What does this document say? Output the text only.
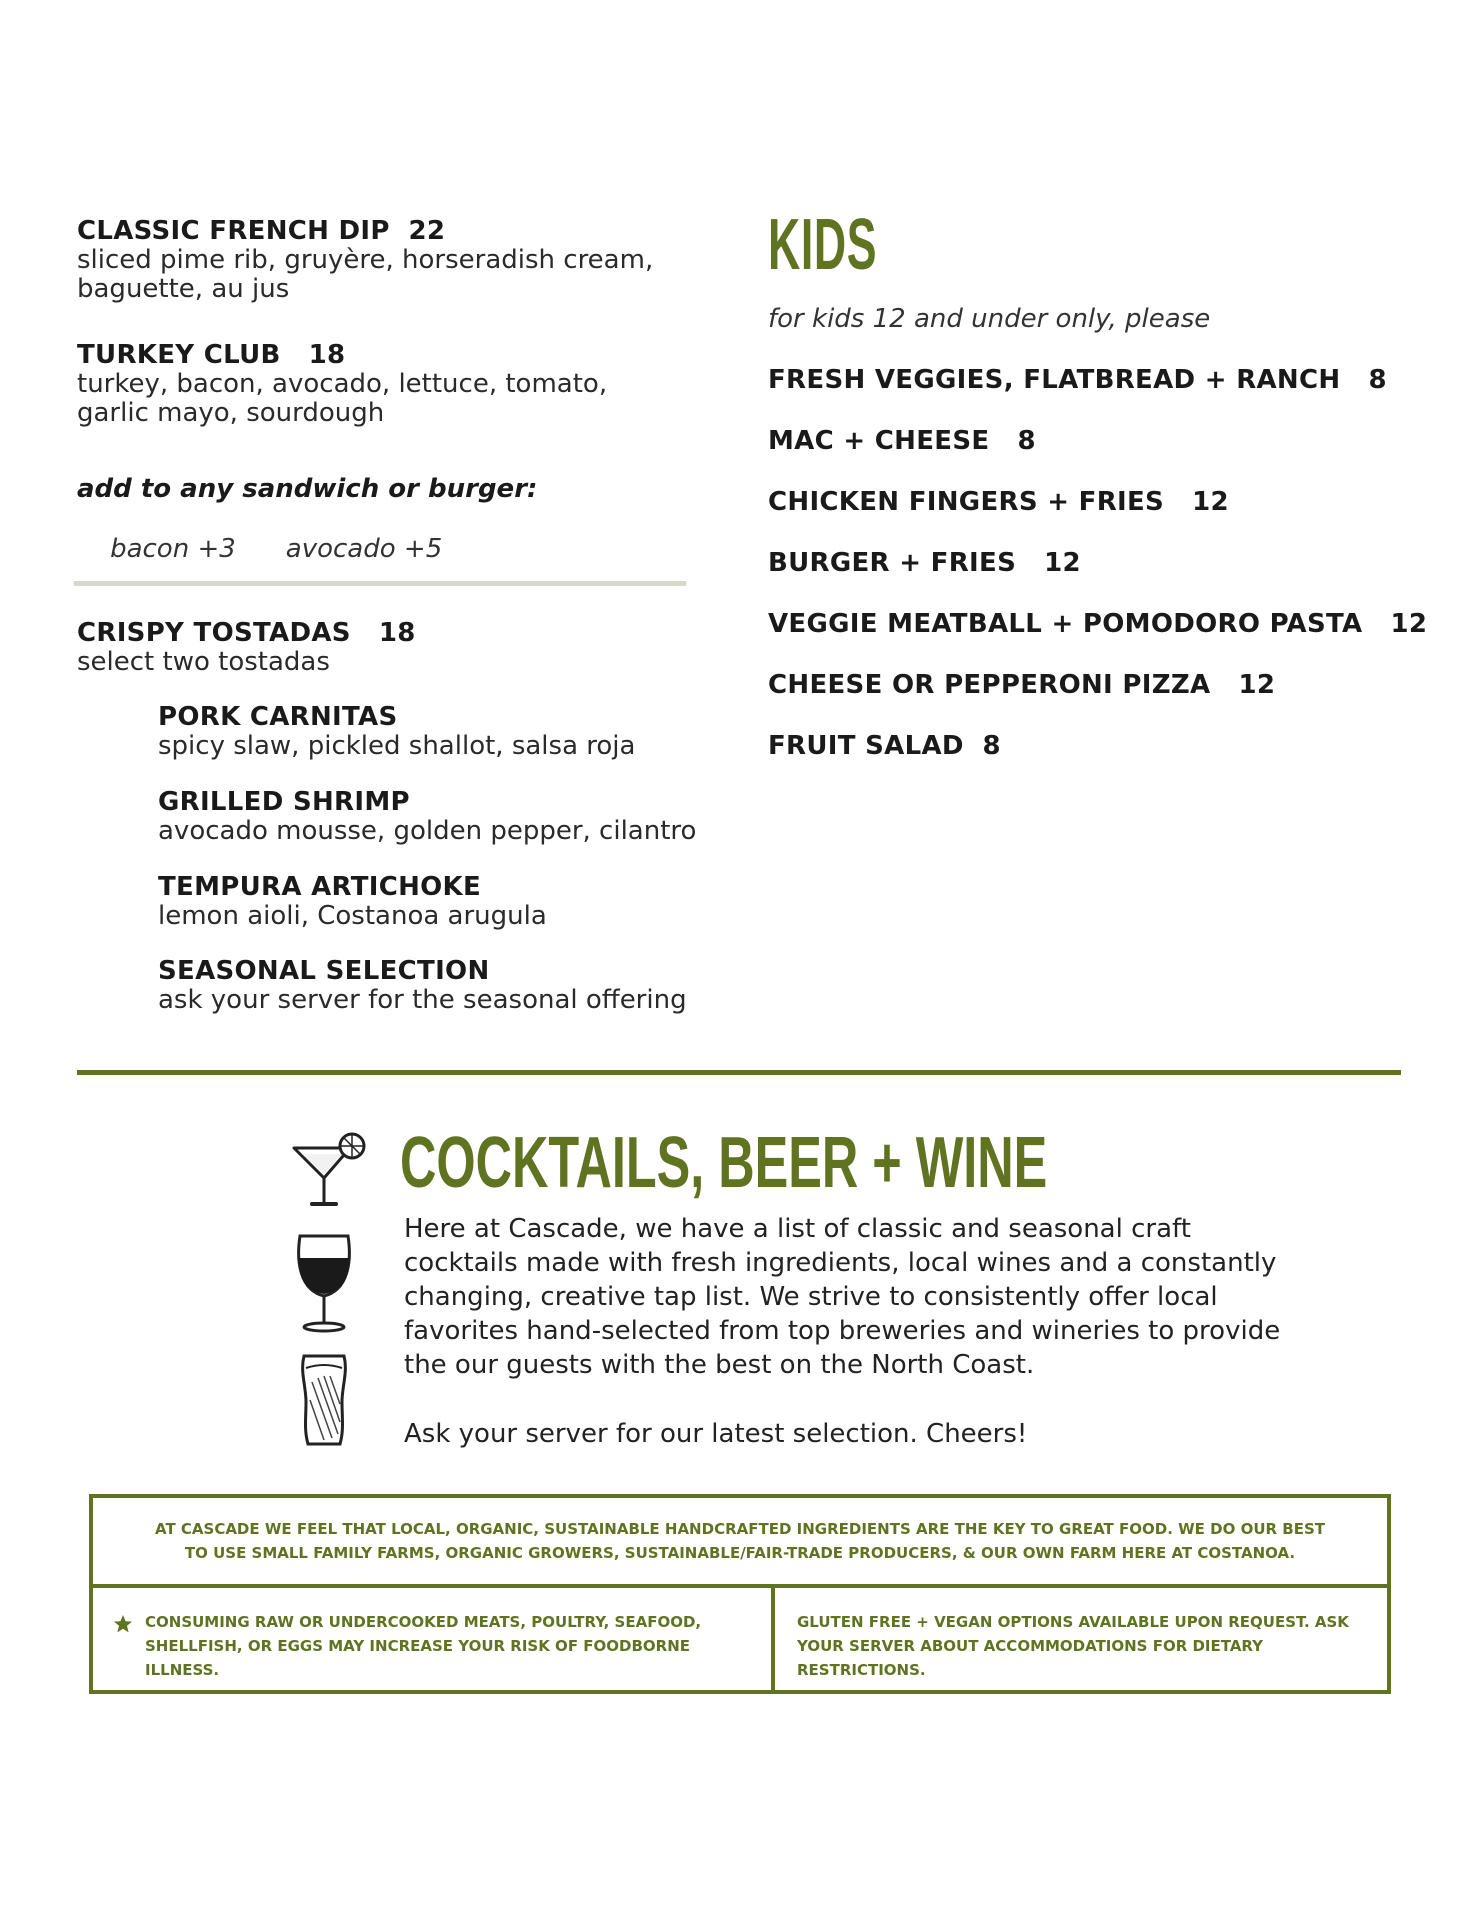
CLASSIC FRENCH DIP  22
sliced pime rib, gruyère, horseradish cream, baguette, au jus
TURKEY CLUB   18
turkey, bacon, avocado, lettuce, tomato, garlic mayo, sourdough
add to any sandwich or burger:

bacon +3 avocado +5

CRISPY TOSTADAS   18
select two tostadas
PORK CARNITAS
spicy slaw, pickled shallot, salsa roja
GRILLED SHRIMP
avocado mousse, golden pepper, cilantro
TEMPURA ARTICHOKE
lemon aioli, Costanoa arugula
SEASONAL SELECTION
ask your server for the seasonal offering
KIDS
for kids 12 and under only, please
FRESH VEGGIES, FLATBREAD + RANCH   8
MAC + CHEESE   8
CHICKEN FINGERS + FRIES   12
BURGER + FRIES   12
VEGGIE MEATBALL + POMODORO PASTA   12
CHEESE OR PEPPERONI PIZZA   12
FRUIT SALAD  8
COCKTAILS, BEER + WINE
Here at Cascade, we have a list of classic and seasonal craft cocktails made with fresh ingredients, local wines and a constantly changing, creative tap list. We strive to consistently offer local favorites hand-selected from top breweries and wineries to provide the our guests with the best on the North Coast.
Ask your server for our latest selection. Cheers!
AT CASCADE WE FEEL THAT LOCAL, ORGANIC, SUSTAINABLE HANDCRAFTED INGREDIENTS ARE THE KEY TO GREAT FOOD. WE DO OUR BEST TO USE SMALL FAMILY FARMS, ORGANIC GROWERS, SUSTAINABLE/FAIR-TRADE PRODUCERS, & OUR OWN FARM HERE AT COSTANOA.
CONSUMING RAW OR UNDERCOOKED MEATS, POULTRY, SEAFOOD, SHELLFISH, OR EGGS MAY INCREASE YOUR RISK OF FOODBORNE ILLNESS.
GLUTEN FREE + VEGAN OPTIONS AVAILABLE UPON REQUEST. ASK YOUR SERVER ABOUT ACCOMMODATIONS FOR DIETARY RESTRICTIONS.
